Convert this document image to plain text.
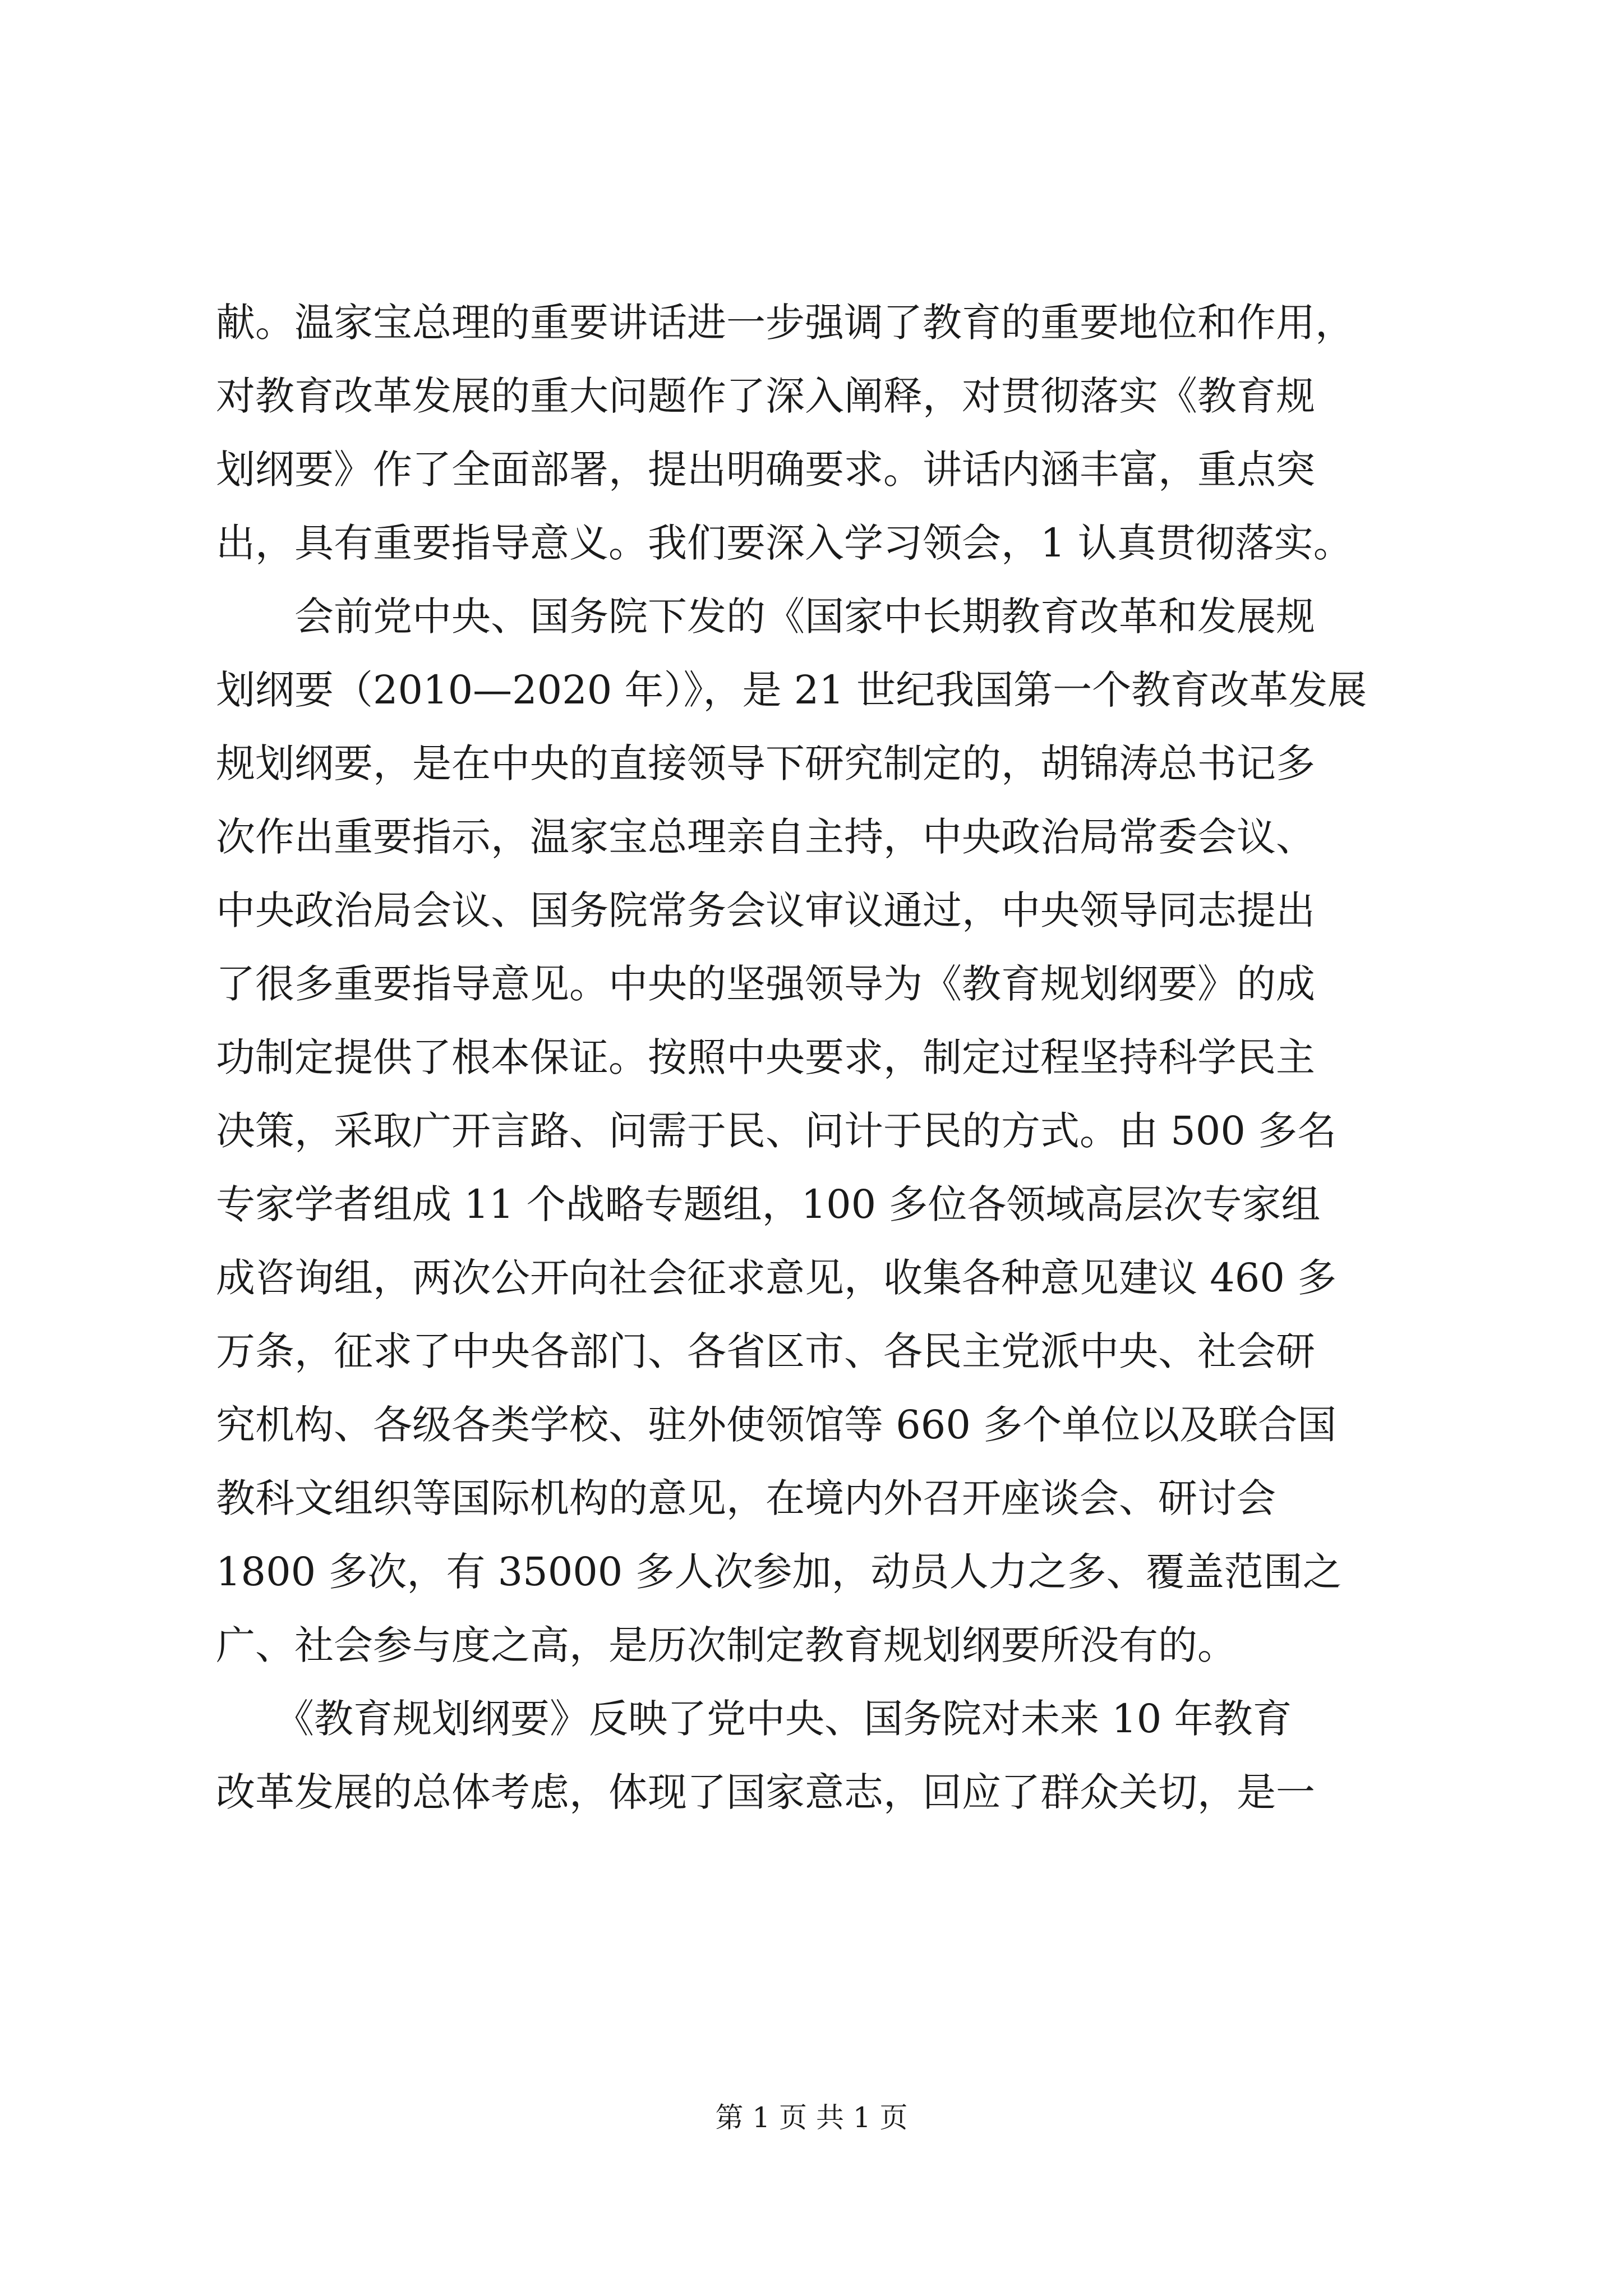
献。温家宝总理的重要讲话进一步强调了教育的重要地位和作用，
对教育改革发展的重大问题作了深入阐释，对贯彻落实《教育规
划纲要》作了全面部署，提出明确要求。讲话内涵丰富，重点突
出，具有重要指导意义。我们要深入学习领会，1 认真贯彻落实。
　　会前党中央、国务院下发的《国家中长期教育改革和发展规
划纲要（2010—2020 年）》，是 21 世纪我国第一个教育改革发展
规划纲要，是在中央的直接领导下研究制定的，胡锦涛总书记多
次作出重要指示，温家宝总理亲自主持，中央政治局常委会议、
中央政治局会议、国务院常务会议审议通过，中央领导同志提出
了很多重要指导意见。中央的坚强领导为《教育规划纲要》的成
功制定提供了根本保证。按照中央要求，制定过程坚持科学民主
决策，采取广开言路、问需于民、问计于民的方式。由 500 多名
专家学者组成 11 个战略专题组，100 多位各领域高层次专家组
成咨询组，两次公开向社会征求意见，收集各种意见建议 460 多
万条，征求了中央各部门、各省区市、各民主党派中央、社会研
究机构、各级各类学校、驻外使领馆等 660 多个单位以及联合国
教科文组织等国际机构的意见，在境内外召开座谈会、研讨会
1800 多次，有 35000 多人次参加，动员人力之多、覆盖范围之
广、社会参与度之高，是历次制定教育规划纲要所没有的。
　　《教育规划纲要》反映了党中央、国务院对未来 10 年教育
改革发展的总体考虑，体现了国家意志，回应了群众关切，是一
第 1 页 共 1 页
